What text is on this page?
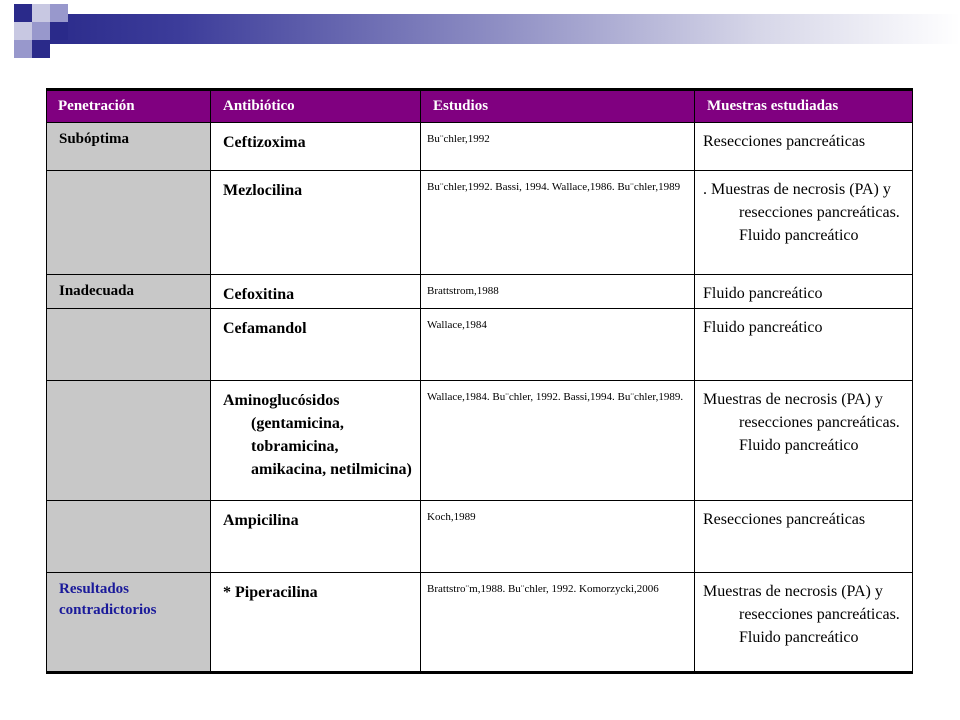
Penetración	Antibiótico	Estudios	Muestras estudiadas

Subóptima	Ceftizoxima	Bu¨chler,1992	Resecciones pancreáticas

	Mezlocilina	Bu¨chler,1992. Bassi, 1994. Wallace,1986. Bu¨chler,1989	. Muestras de necrosis (PA) y resecciones pancreáticas. Fluido pancreático

Inadecuada	Cefoxitina	Brattstrom,1988	Fluido pancreático

	Cefamandol	Wallace,1984	Fluido pancreático

	Aminoglucósidos (gentamicina, tobramicina, amikacina, netilmicina)	Wallace,1984. Bu¨chler, 1992. Bassi,1994. Bu¨chler,1989.	Muestras de necrosis (PA) y resecciones pancreáticas. Fluido pancreático

	Ampicilina	Koch,1989	Resecciones pancreáticas

Resultados contradictorios	* Piperacilina	Brattstro¨m,1988. Bu¨chler, 1992. Komorzycki,2006	Muestras de necrosis (PA) y resecciones pancreáticas. Fluido pancreático
